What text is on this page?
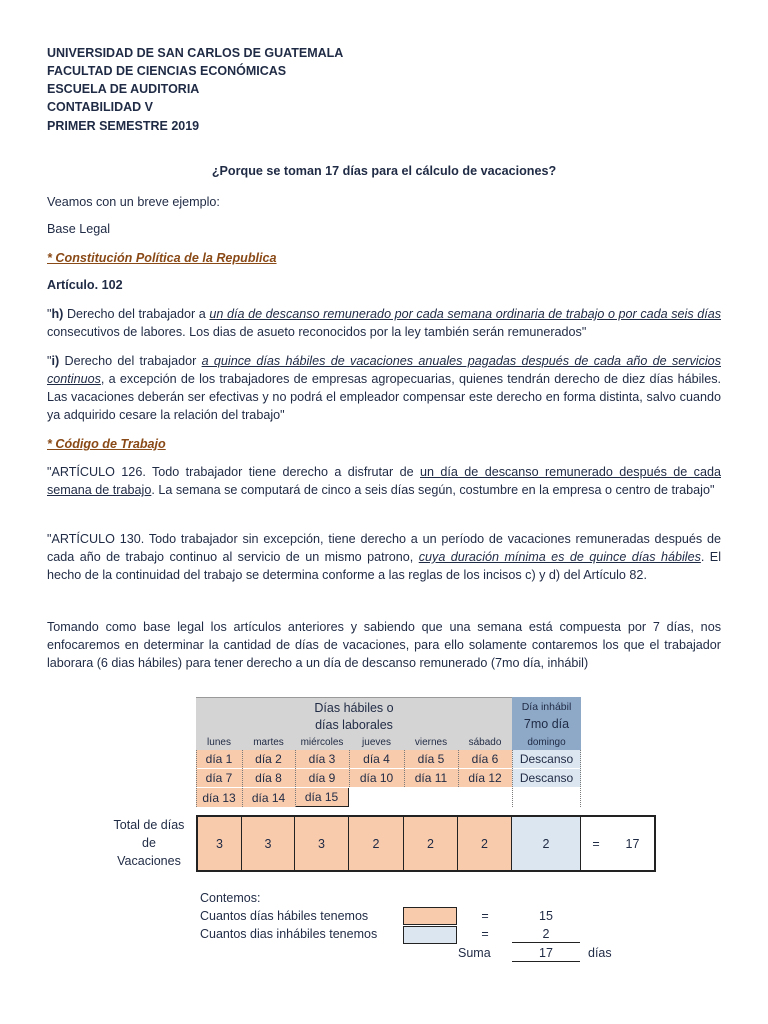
UNIVERSIDAD DE SAN CARLOS DE GUATEMALA
FACULTAD DE CIENCIAS ECONÓMICAS
ESCUELA DE AUDITORIA
CONTABILIDAD V
PRIMER SEMESTRE 2019
¿Porque se toman 17 días para el cálculo de vacaciones?
Veamos con un breve ejemplo:
Base Legal
* Constitución Política de la Republica
Artículo. 102
"h) Derecho del trabajador a un día de descanso remunerado por cada semana ordinaria de trabajo o por cada seis días consecutivos de labores. Los dias de asueto reconocidos por la ley también serán remunerados"
"i) Derecho del trabajador a quince días hábiles de vacaciones anuales pagadas después de cada año de servicios continuos, a excepción de los trabajadores de empresas agropecuarias, quienes tendrán derecho de diez días hábiles. Las vacaciones deberán ser efectivas y no podrá el empleador compensar este derecho en forma distinta, salvo cuando ya adquirido cesare la relación del trabajo"
* Código de Trabajo
"ARTÍCULO 126. Todo trabajador tiene derecho a disfrutar de un día de descanso remunerado después de cada semana de trabajo. La semana se computará de cinco a seis días según, costumbre en la empresa o centro de trabajo"
"ARTÍCULO 130. Todo trabajador sin excepción, tiene derecho a un período de vacaciones remuneradas después de cada año de trabajo continuo al servicio de un mismo patrono, cuya duración mínima es de quince días hábiles. El hecho de la continuidad del trabajo se determina conforme a las reglas de los incisos c) y d) del Artículo 82.
Tomando como base legal los artículos anteriores y sabiendo que una semana está compuesta por 7 días, nos enfocaremos en determinar la cantidad de días de vacaciones, para ello solamente contaremos los que el trabajador laborara (6 dias hábiles) para tener derecho a un día de descanso remunerado (7mo día, inhábil)
Días hábiles o
días laborales
Día inhábil
7mo día
lunes	martes	miércoles	jueves	viernes	sábado	domingo
día 1	día 2	día 3	día 4	día 5	día 6	Descanso
día 7	día 8	día 9	día 10	día 11	día 12	Descanso
día 13	día 14	día 15
Total de días
de
Vacaciones
3	3	3	2	2	2	2	=	17
Contemos:
Cuantos días hábiles tenemos	=	15
Cuantos dias inhábiles tenemos	=	2
Suma	17	días
